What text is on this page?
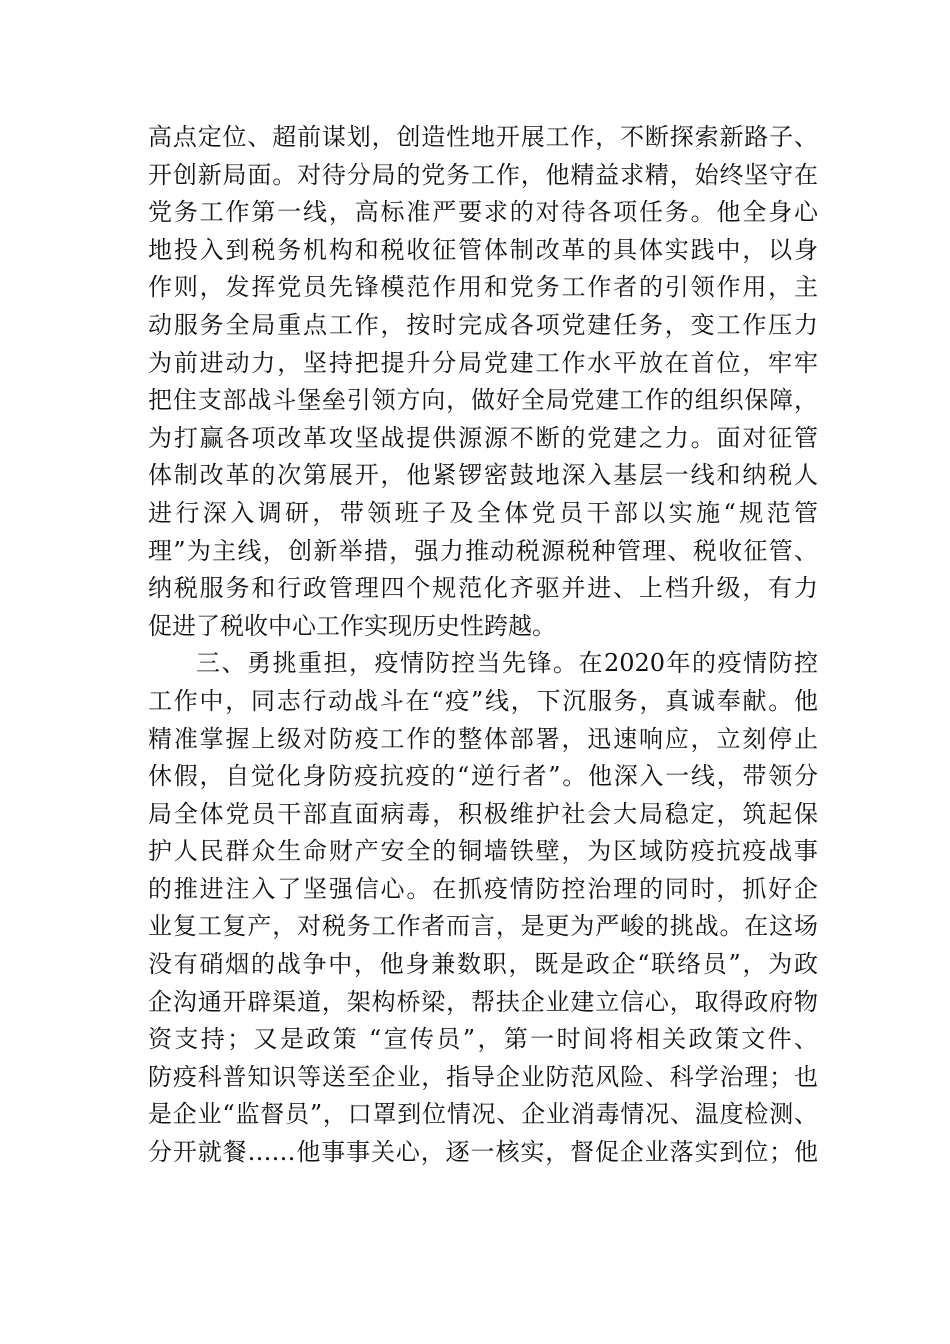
高点定位、超前谋划，创造性地开展工作，不断探索新路子、
开创新局面。对待分局的党务工作，他精益求精，始终坚守在
党务工作第一线，高标准严要求的对待各项任务。他全身心
地投入到税务机构和税收征管体制改革的具体实践中，以身
作则，发挥党员先锋模范作用和党务工作者的引领作用，主
动服务全局重点工作，按时完成各项党建任务，变工作压力
为前进动力，坚持把提升分局党建工作水平放在首位，牢牢
把住支部战斗堡垒引领方向，做好全局党建工作的组织保障，
为打赢各项改革攻坚战提供源源不断的党建之力。面对征管
体制改革的次第展开，他紧锣密鼓地深入基层一线和纳税人
进行深入调研，带领班子及全体党员干部以实施“规范管
理”为主线，创新举措，强力推动税源税种管理、税收征管、
纳税服务和行政管理四个规范化齐驱并进、上档升级，有力
促进了税收中心工作实现历史性跨越。
三、勇挑重担，疫情防控当先锋。在2020年的疫情防控
工作中，同志行动战斗在“疫”线，下沉服务，真诚奉献。他
精准掌握上级对防疫工作的整体部署，迅速响应，立刻停止
休假，自觉化身防疫抗疫的“逆行者”。他深入一线，带领分
局全体党员干部直面病毒，积极维护社会大局稳定，筑起保
护人民群众生命财产安全的铜墙铁壁，为区域防疫抗疫战事
的推进注入了坚强信心。在抓疫情防控治理的同时，抓好企
业复工复产，对税务工作者而言，是更为严峻的挑战。在这场
没有硝烟的战争中，他身兼数职，既是政企“联络员”，为政
企沟通开辟渠道，架构桥梁，帮扶企业建立信心，取得政府物
资支持；又是政策 “宣传员”，第一时间将相关政策文件、
防疫科普知识等送至企业，指导企业防范风险、科学治理；也
是企业“监督员”，口罩到位情况、企业消毒情况、温度检测、
分开就餐……他事事关心，逐一核实，督促企业落实到位；他
